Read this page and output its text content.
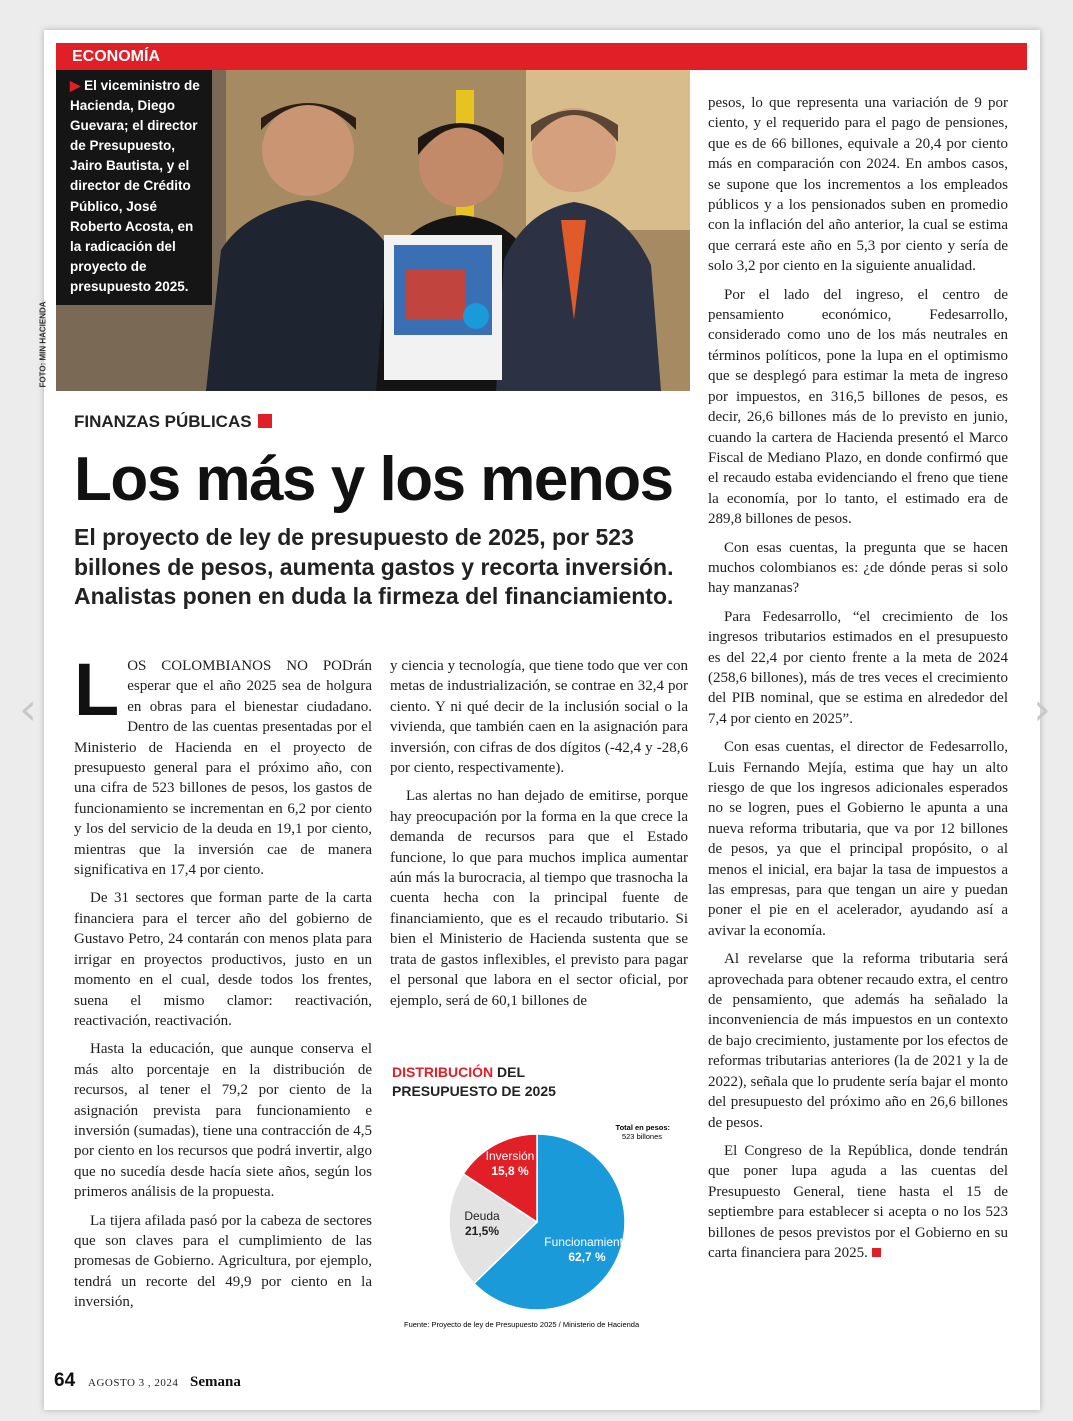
‹	›
ECONOMÍA

▶ El viceministro de Hacienda, Diego Guevara; el director de Presupuesto, Jairo Bautista, y el director de Crédito Público, José Roberto Acosta, en la radicación del proyecto de presupuesto 2025.

FOTO: MIN HACIENDA
FINANZAS PÚBLICAS
Los más y los menos

El proyecto de ley de presupuesto de 2025, por 523 billones de pesos, aumenta gastos y recorta inversión. Analistas ponen en duda la firmeza del financiamiento.

LOS COLOMBIANOS NO PODrán esperar que el año 2025 sea de holgura en obras para el bienestar ciudadano. Dentro de las cuentas presentadas por el Ministerio de Hacienda en el proyecto de presupuesto general para el próximo año, con una cifra de 523 billones de pesos, los gastos de funcionamiento se incrementan en 6,2 por ciento y los del servicio de la deuda en 19,1 por ciento, mientras que la inversión cae de manera significativa en 17,4 por ciento.

De 31 sectores que forman parte de la carta financiera para el tercer año del gobierno de Gustavo Petro, 24 contarán con menos plata para irrigar en proyectos productivos, justo en un momento en el cual, desde todos los frentes, suena el mismo clamor: reactivación, reactivación, reactivación.

Hasta la educación, que aunque conserva el más alto porcentaje en la distribución de recursos, al tener el 79,2 por ciento de la asignación prevista para funcionamiento e inversión (sumadas), tiene una contracción de 4,5 por ciento en los recursos que podrá invertir, algo que no sucedía desde hacía siete años, según los primeros análisis de la propuesta.

La tijera afilada pasó por la cabeza de sectores que son claves para el cumplimiento de las promesas de Gobierno. Agricultura, por ejemplo, tendrá un recorte del 49,9 por ciento en la inversión,

y ciencia y tecnología, que tiene todo que ver con metas de industrialización, se contrae en 32,4 por ciento. Y ni qué decir de la inclusión social o la vivienda, que también caen en la asignación para inversión, con cifras de dos dígitos (-42,4 y -28,6 por ciento, respectivamente).

Las alertas no han dejado de emitirse, porque hay preocupación por la forma en la que crece la demanda de recursos para que el Estado funcione, lo que para muchos implica aumentar aún más la burocracia, al tiempo que trasnocha la cuenta hecha con la principal fuente de financiamiento, que es el recaudo tributario. Si bien el Ministerio de Hacienda sustenta que se trata de gastos inflexibles, el previsto para pagar el personal que labora en el sector oficial, por ejemplo, será de 60,1 billones de

pesos, lo que representa una variación de 9 por ciento, y el requerido para el pago de pensiones, que es de 66 billones, equivale a 20,4 por ciento más en comparación con 2024. En ambos casos, se supone que los incrementos a los empleados públicos y a los pensionados suben en promedio con la inflación del año anterior, la cual se estima que cerrará este año en 5,3 por ciento y sería de solo 3,2 por ciento en la siguiente anualidad.

Por el lado del ingreso, el centro de pensamiento económico, Fedesarrollo, considerado como uno de los más neutrales en términos políticos, pone la lupa en el optimismo que se desplegó para estimar la meta de ingreso por impuestos, en 316,5 billones de pesos, es decir, 26,6 billones más de lo previsto en junio, cuando la cartera de Hacienda presentó el Marco Fiscal de Mediano Plazo, en donde confirmó que el recaudo estaba evidenciando el freno que tiene la economía, por lo tanto, el estimado era de 289,8 billones de pesos.

Con esas cuentas, la pregunta que se hacen muchos colombianos es: ¿de dónde peras si solo hay manzanas?

Para Fedesarrollo, “el crecimiento de los ingresos tributarios estimados en el presupuesto es del 22,4 por ciento frente a la meta de 2024 (258,6 billones), más de tres veces el crecimiento del PIB nominal, que se estima en alrededor del 7,4 por ciento en 2025”.

Con esas cuentas, el director de Fedesarrollo, Luis Fernando Mejía, estima que hay un alto riesgo de que los ingresos adicionales esperados no se logren, pues el Gobierno le apunta a una nueva reforma tributaria, que va por 12 billones de pesos, ya que el principal propósito, o al menos el inicial, era bajar la tasa de impuestos a las empresas, para que tengan un aire y puedan poner el pie en el acelerador, ayudando así a avivar la economía.

Al revelarse que la reforma tributaria será aprovechada para obtener recaudo extra, el centro de pensamiento, que además ha señalado la inconveniencia de más impuestos en un contexto de bajo crecimiento, justamente por los efectos de reformas tributarias anteriores (la de 2021 y la de 2022), señala que lo prudente sería bajar el monto del presupuesto del próximo año en 26,6 billones de pesos.

El Congreso de la República, donde tendrán que poner lupa aguda a las cuentas del Presupuesto General, tiene hasta el 15 de septiembre para establecer si acepta o no los 523 billones de pesos previstos por el Gobierno en su carta financiera para 2025.

DISTRIBUCIÓN DEL
PRESUPUESTO DE 2025
Funcionamiento
62,7 %
Deuda
21,5%
Inversión
15,8 %
Total en pesos:
523 billones
Fuente: Proyecto de ley de Presupuesto 2025 / Ministerio de Hacienda
64 AGOSTO 3 , 2024 Semana
